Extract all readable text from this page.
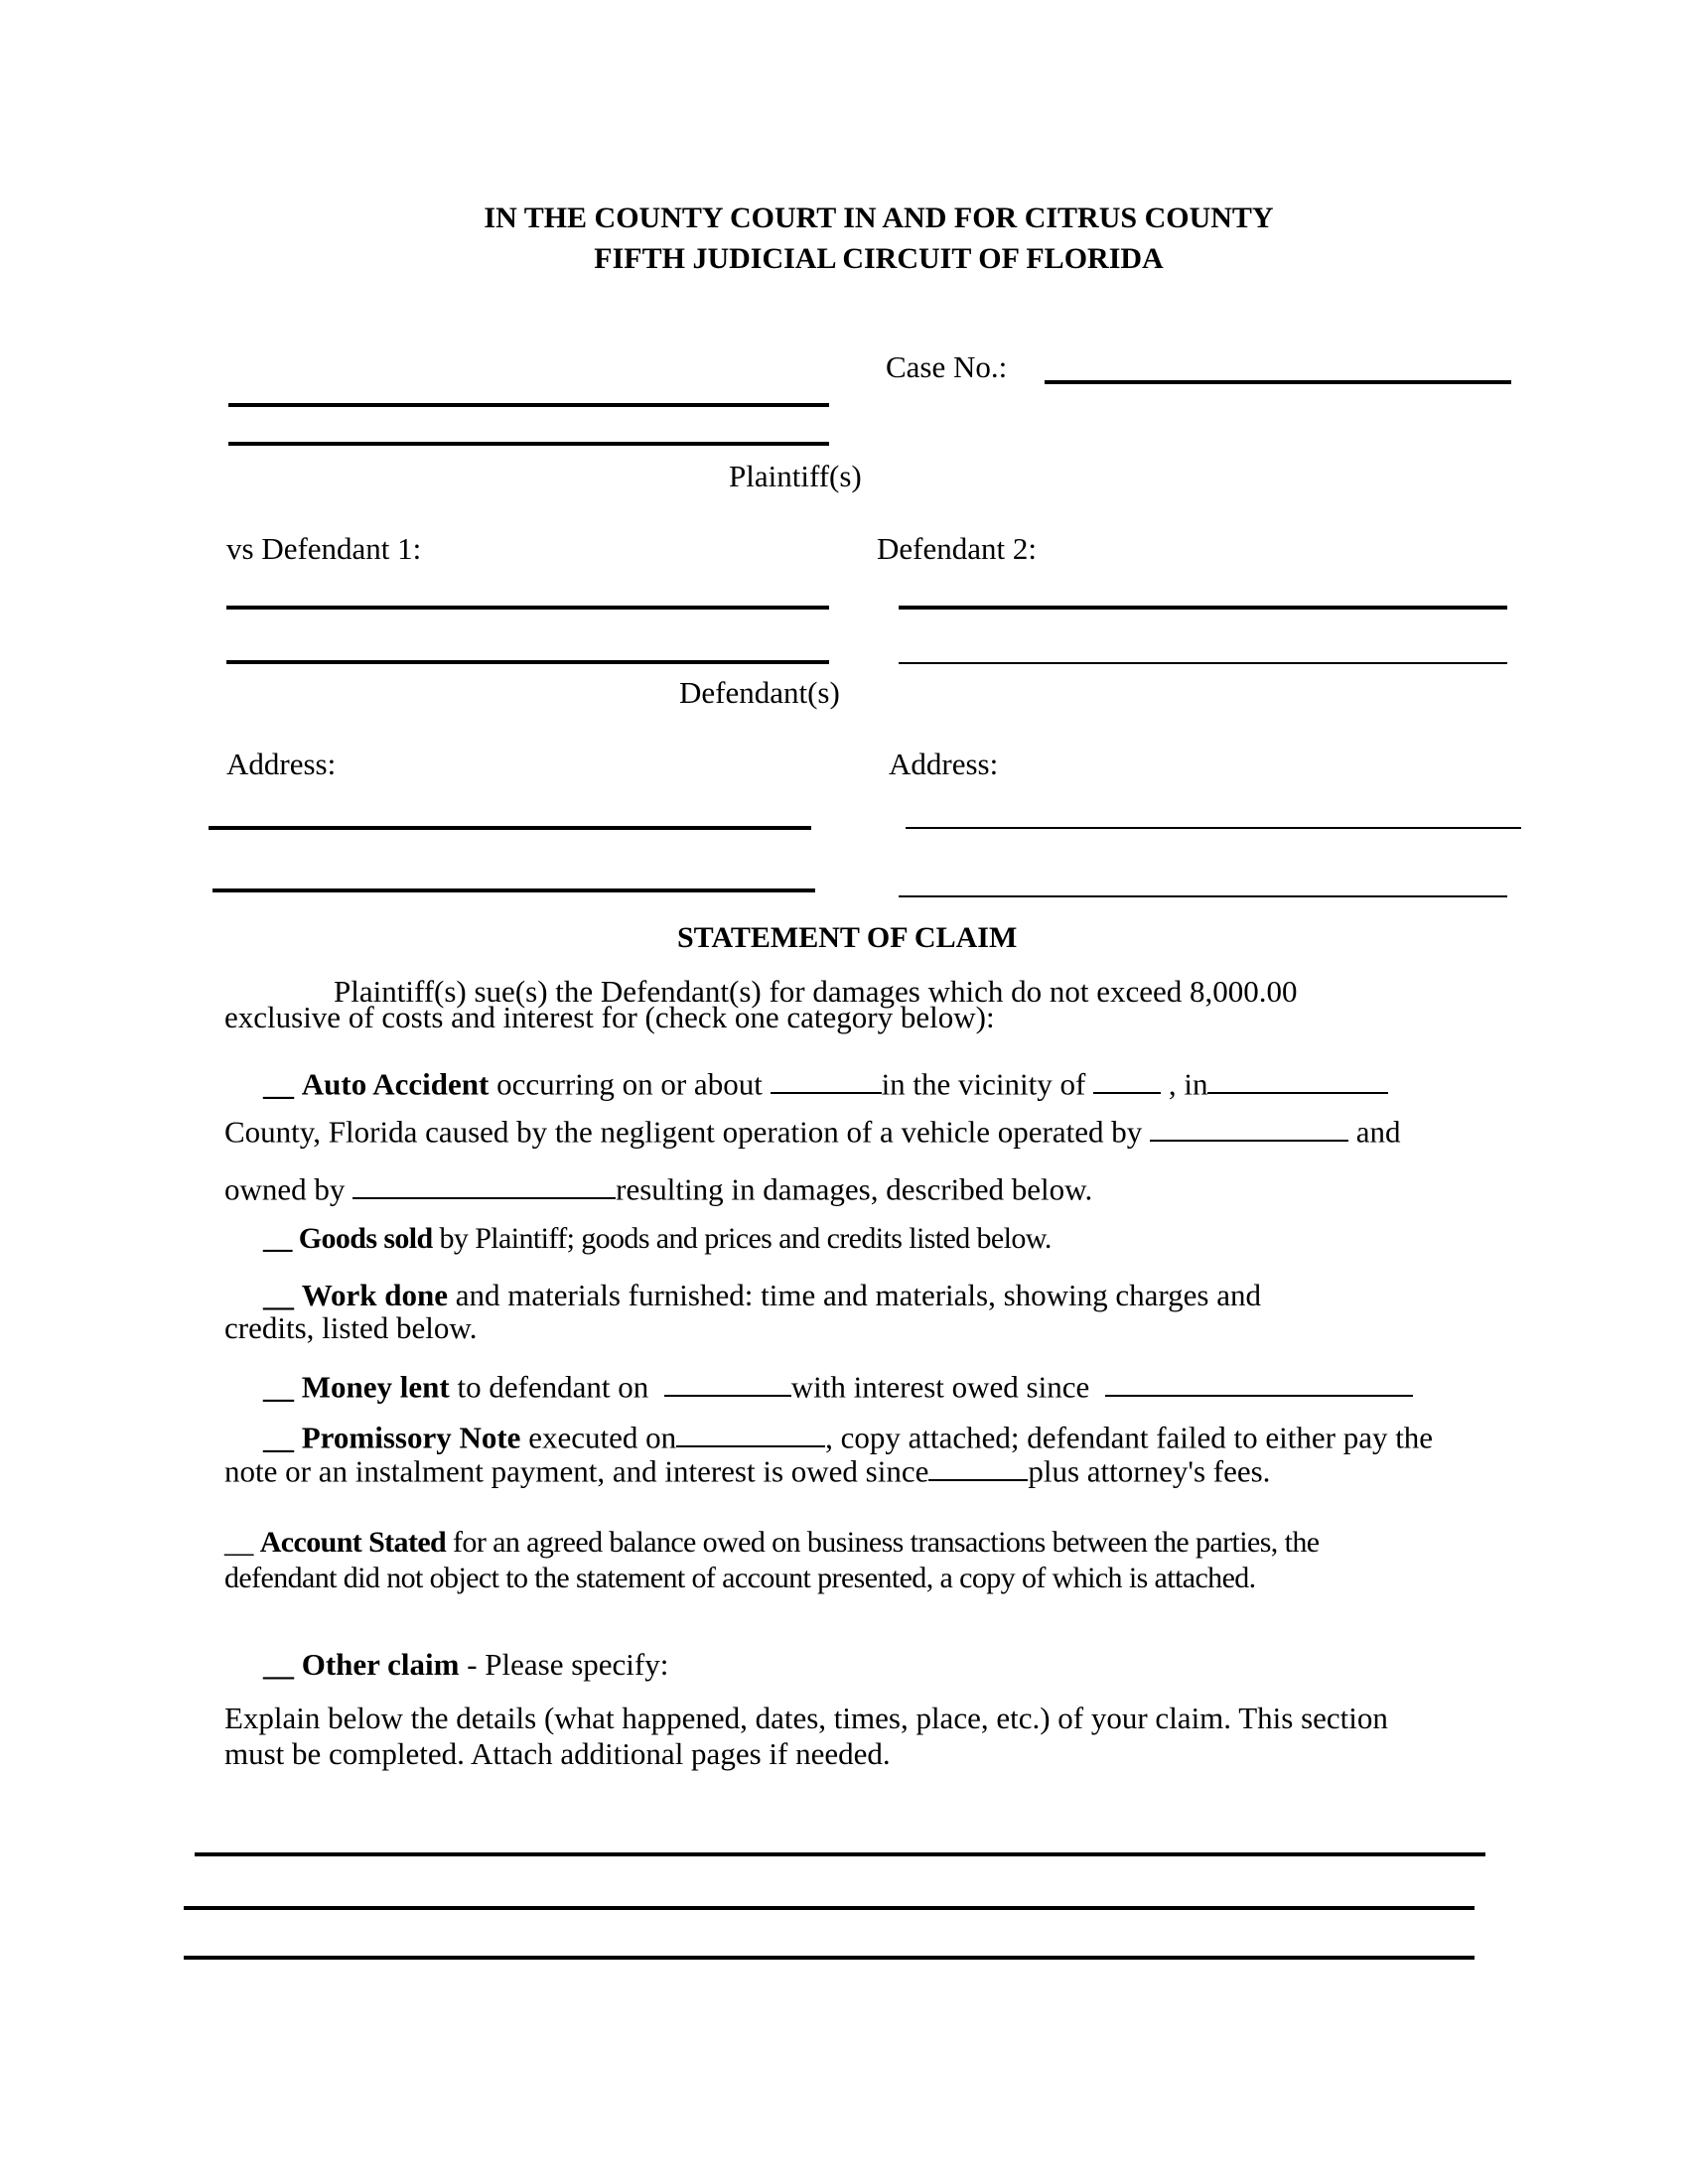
IN THE COUNTY COURT IN AND FOR CITRUS COUNTY
FIFTH JUDICIAL CIRCUIT OF FLORIDA
Case No.:
Plaintiff(s)
vs Defendant 1:	Defendant 2:
Defendant(s)
Address:	Address:
STATEMENT OF CLAIM
Plaintiff(s) sue(s) the Defendant(s) for damages which do not exceed 8,000.00
exclusive of costs and interest for (check one category below):
__ Auto Accident occurring on or about	in the vicinity of	, in
County, Florida caused by the negligent operation of a vehicle operated by	and
owned by	resulting in damages, described below.
__ Goods sold by Plaintiff; goods and prices and credits listed below.
__ Work done and materials furnished: time and materials, showing charges and
credits, listed below.
__ Money lent to defendant on	with interest owed since
__ Promissory Note executed on	, copy attached; defendant failed to either pay the
note or an instalment payment, and interest is owed since	plus attorney's fees.
__ Account Stated for an agreed balance owed on business transactions between the parties, the
defendant did not object to the statement of account presented, a copy of which is attached.
__ Other claim - Please specify:
Explain below the details (what happened, dates, times, place, etc.) of your claim. This section
must be completed. Attach additional pages if needed.
